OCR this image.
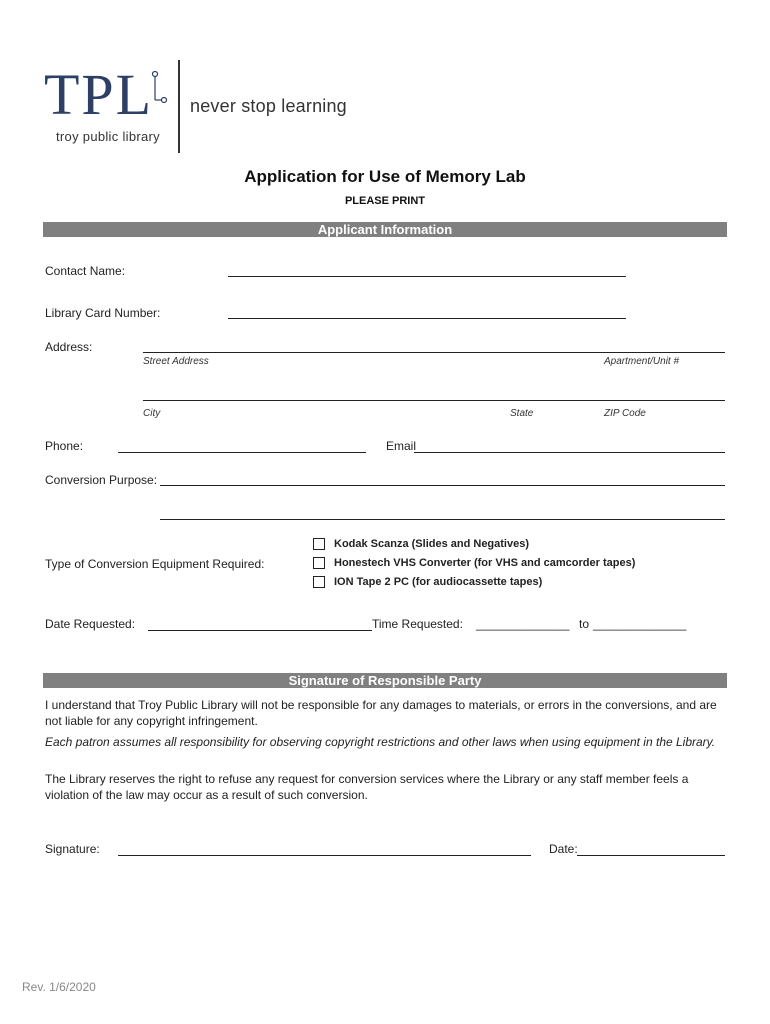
TPL
troy public library
never stop learning
Application for Use of Memory Lab
PLEASE PRINT
Applicant Information
Contact Name:
Library Card Number:
Address:
Street Address	Apartment/Unit #
City	State	ZIP Code
Phone:	Email
Conversion Purpose:
Type of Conversion Equipment Required:
Kodak Scanza (Slides and Negatives)
Honestech VHS Converter (for VHS and camcorder tapes)
ION Tape 2 PC (for audiocassette tapes)
Date Requested:	Time Requested: ______________ to ______________
Signature of Responsible Party
I understand that Troy Public Library will not be responsible for any damages to materials, or errors in the conversions, and are not liable for any copyright infringement.
Each patron assumes all responsibility for observing copyright restrictions and other laws when using equipment in the Library.
The Library reserves the right to refuse any request for conversion services where the Library or any staff member feels a violation of the law may occur as a result of such conversion.
Signature:	Date:
Rev. 1/6/2020
